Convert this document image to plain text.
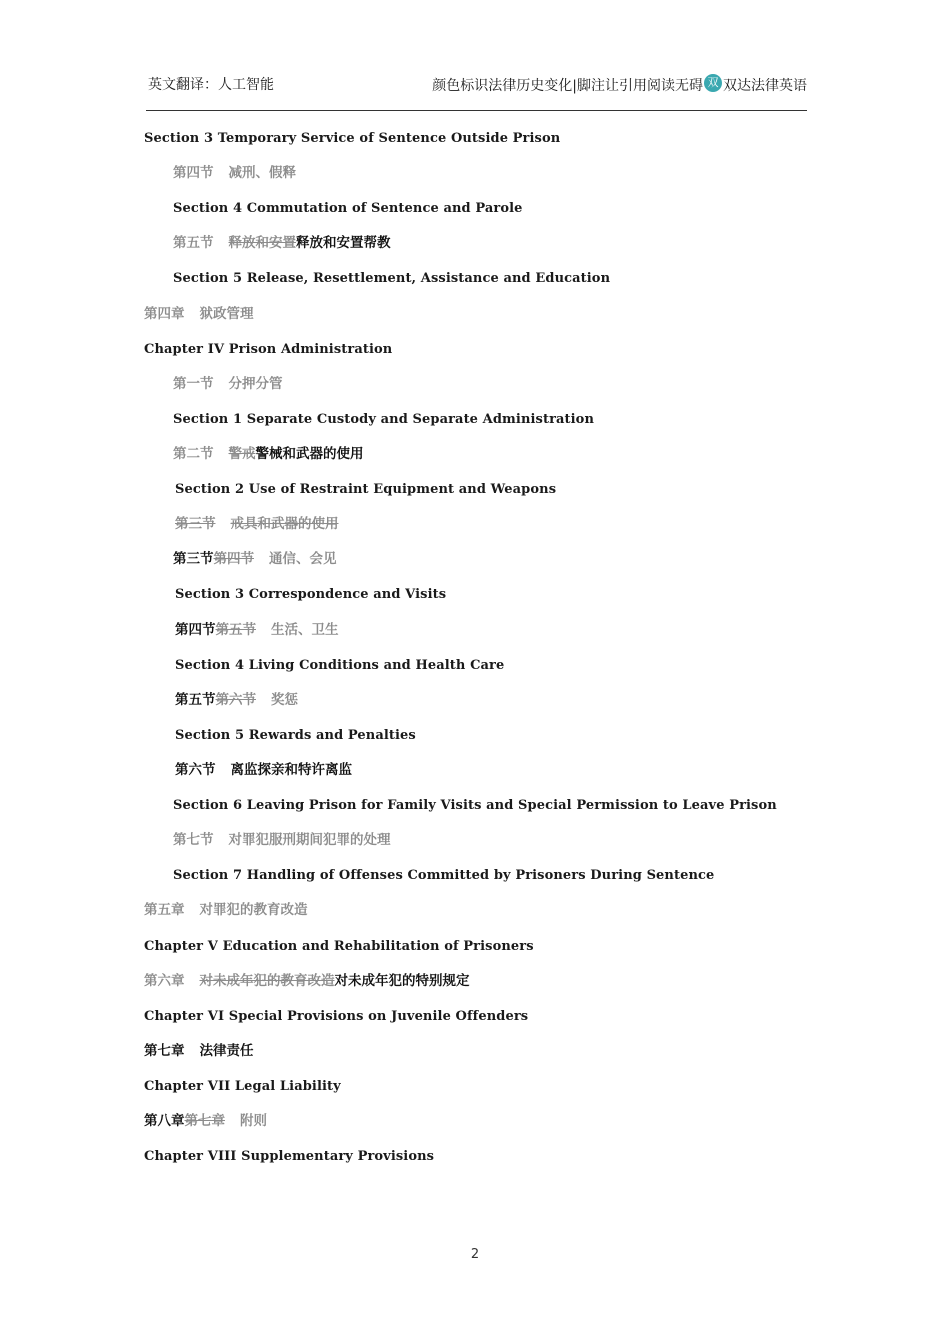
英文翻译：人工智能	颜色标识法律历史变化|脚注让引用阅读无碍 双 双达法律英语
Section 3 Temporary Service of Sentence Outside Prison
第四节 减刑、假释
Section 4 Commutation of Sentence and Parole
第五节 释放和安置释放和安置帮教
Section 5 Release, Resettlement, Assistance and Education
第四章 狱政管理
Chapter IV Prison Administration
第一节 分押分管
Section 1 Separate Custody and Separate Administration
第二节 警戒警械和武器的使用
Section 2 Use of Restraint Equipment and Weapons
第三节 戒具和武器的使用
第三节第四节 通信、会见
Section 3 Correspondence and Visits
第四节第五节 生活、卫生
Section 4 Living Conditions and Health Care
第五节第六节 奖惩
Section 5 Rewards and Penalties
第六节 离监探亲和特许离监
Section 6 Leaving Prison for Family Visits and Special Permission to Leave Prison
第七节 对罪犯服刑期间犯罪的处理
Section 7 Handling of Offenses Committed by Prisoners During Sentence
第五章 对罪犯的教育改造
Chapter V Education and Rehabilitation of Prisoners
第六章 对未成年犯的教育改造对未成年犯的特别规定
Chapter VI Special Provisions on Juvenile Offenders
第七章 法律责任
Chapter VII Legal Liability
第八章第七章 附则
Chapter VIII Supplementary Provisions
2
